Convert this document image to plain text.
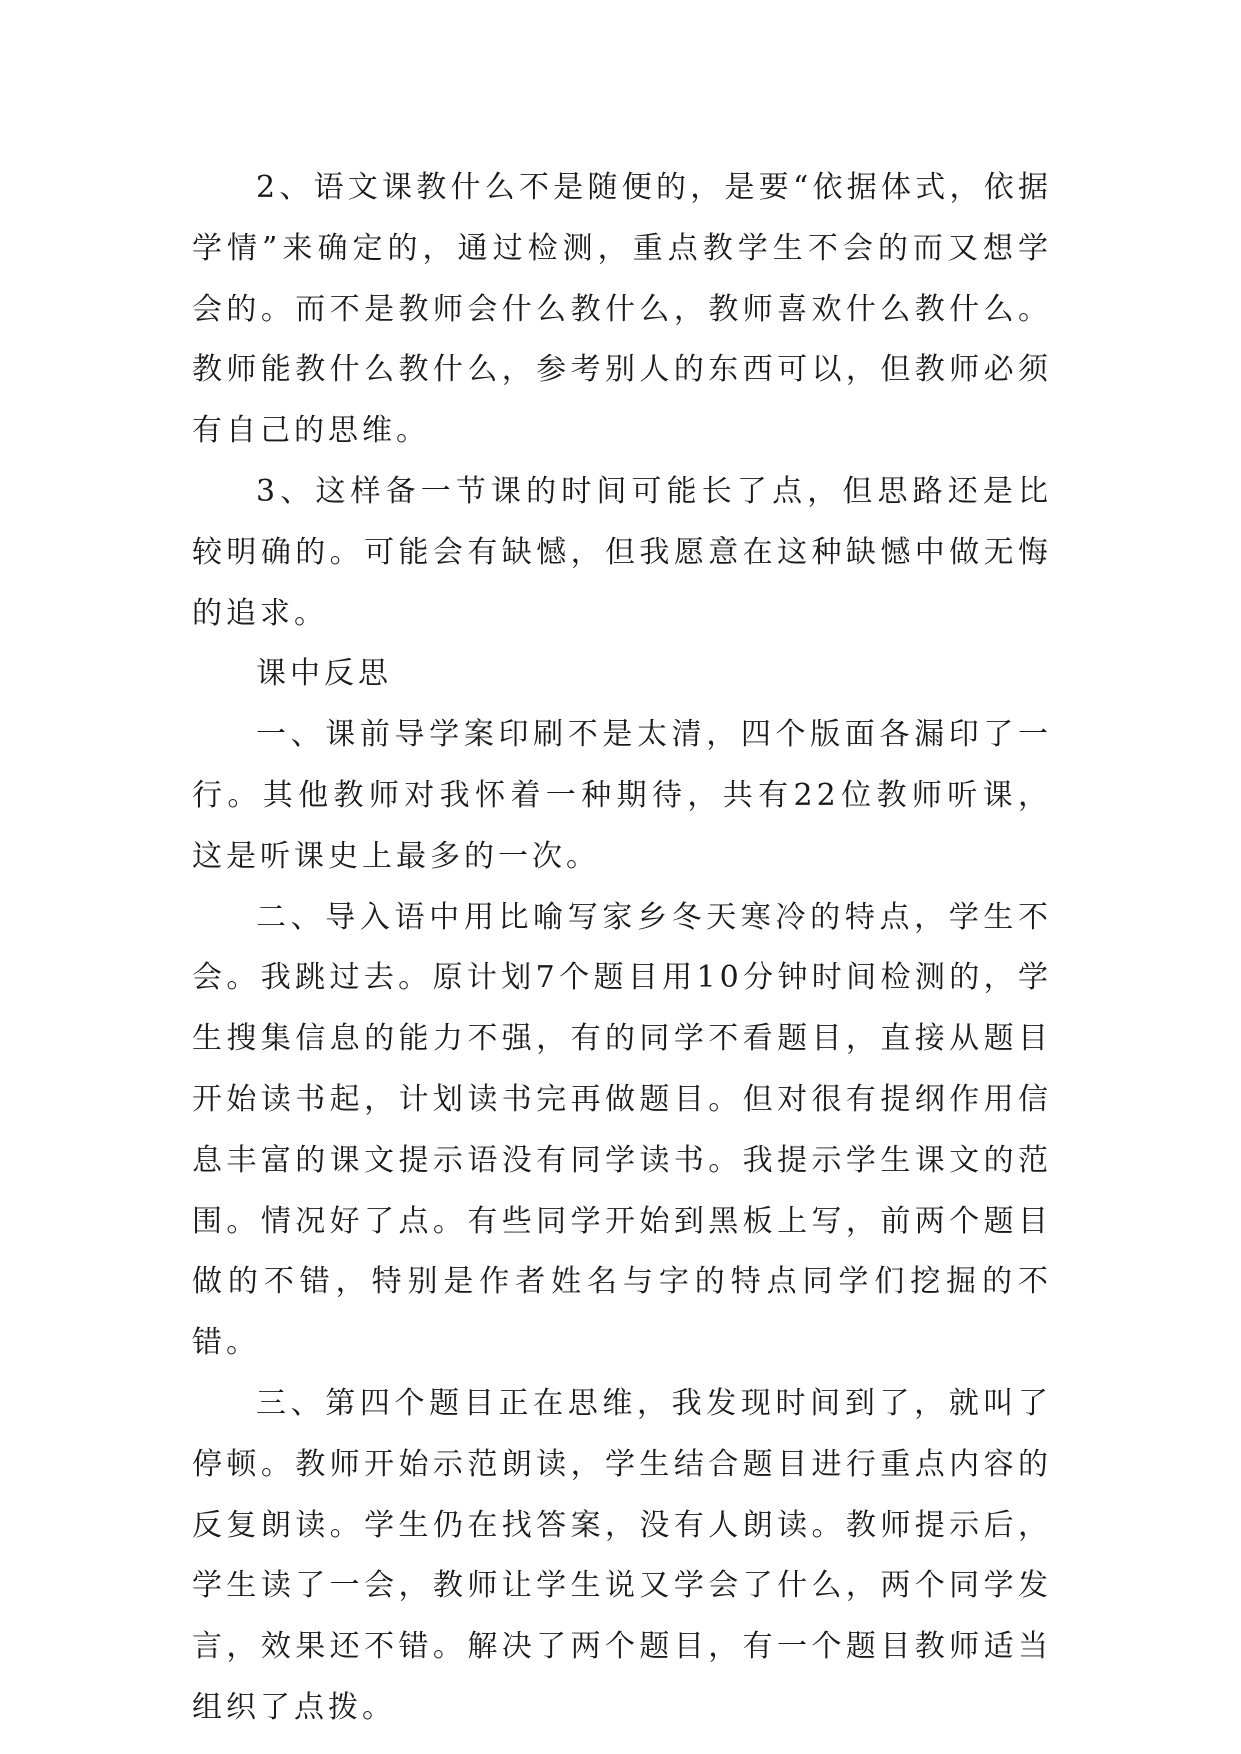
2、语文课教什么不是随便的，是要“依据体式，依据学情”来确定的，通过检测，重点教学生不会的而又想学会的。而不是教师会什么教什么，教师喜欢什么教什么。教师能教什么教什么，参考别人的东西可以，但教师必须有自己的思维。

3、这样备一节课的时间可能长了点，但思路还是比较明确的。可能会有缺憾，但我愿意在这种缺憾中做无悔的追求。

课中反思

一、课前导学案印刷不是太清，四个版面各漏印了一行。其他教师对我怀着一种期待，共有22位教师听课，这是听课史上最多的一次。

二、导入语中用比喻写家乡冬天寒冷的特点，学生不会。我跳过去。原计划7个题目用10分钟时间检测的，学生搜集信息的能力不强，有的同学不看题目，直接从题目开始读书起，计划读书完再做题目。但对很有提纲作用信息丰富的课文提示语没有同学读书。我提示学生课文的范围。情况好了点。有些同学开始到黑板上写，前两个题目做的不错，特别是作者姓名与字的特点同学们挖掘的不错。

三、第四个题目正在思维，我发现时间到了，就叫了停顿。教师开始示范朗读，学生结合题目进行重点内容的反复朗读。学生仍在找答案，没有人朗读。教师提示后，学生读了一会，教师让学生说又学会了什么，两个同学发言，效果还不错。解决了两个题目，有一个题目教师适当组织了点拨。
